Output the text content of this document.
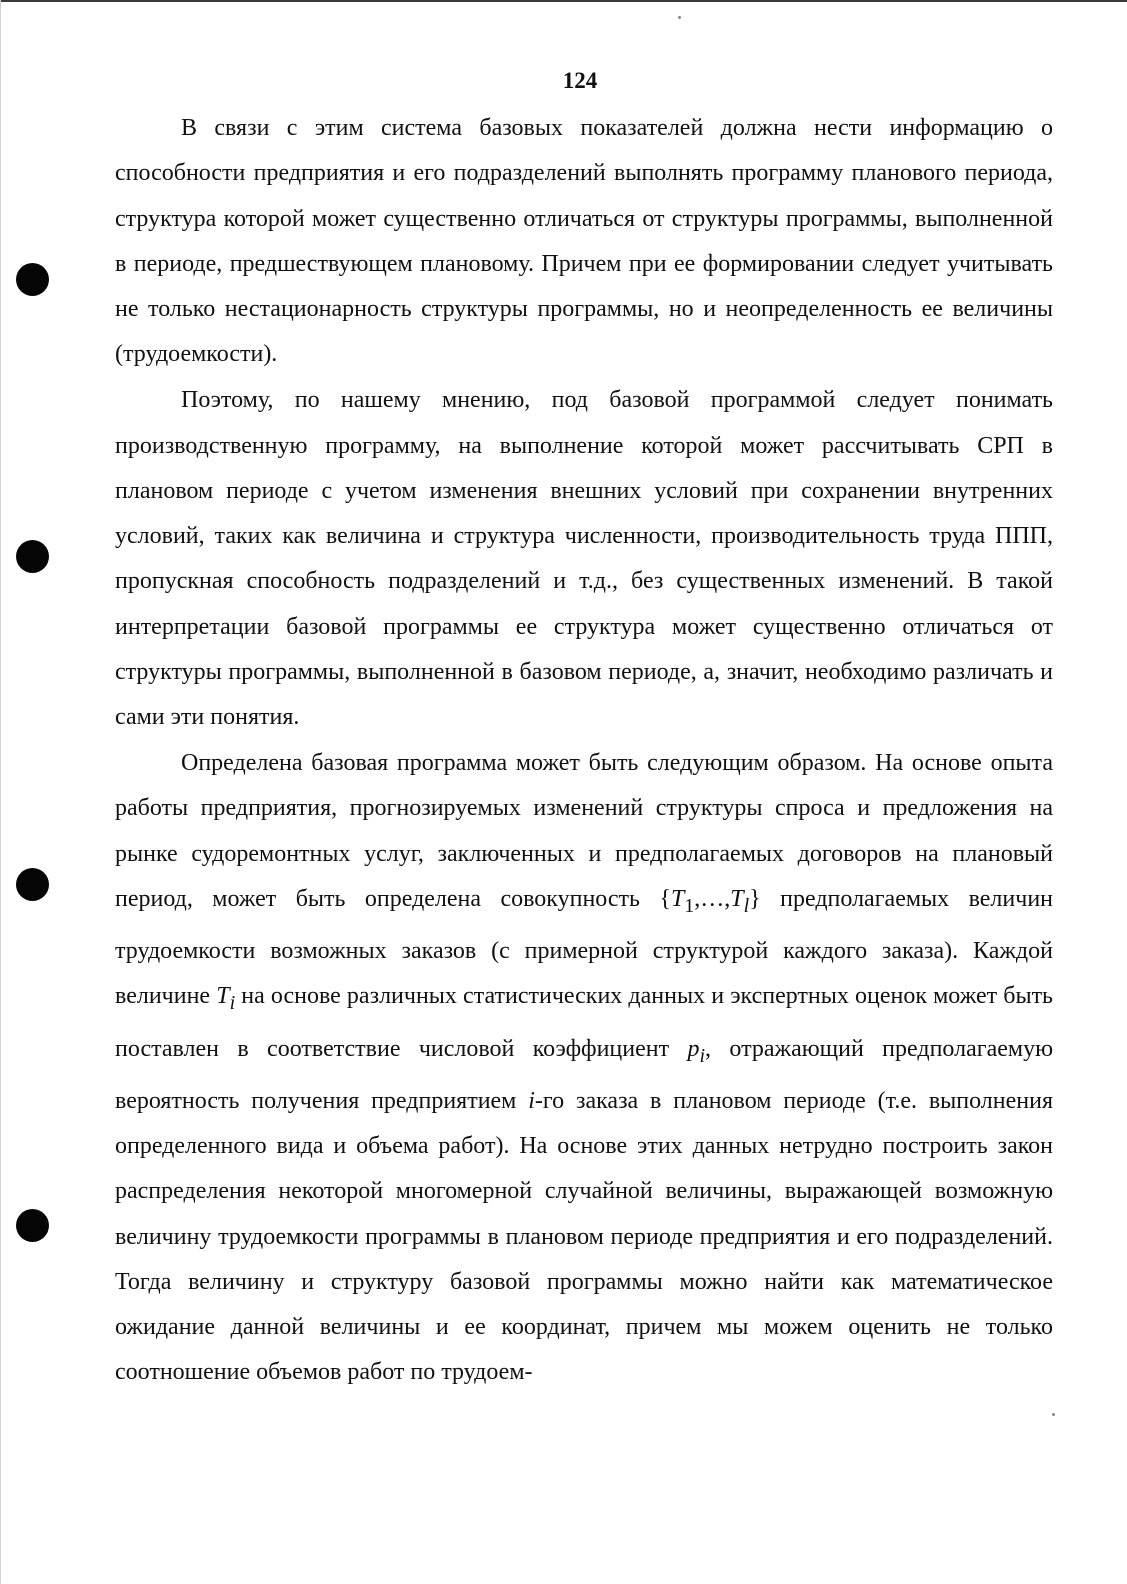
124

В связи с этим система базовых показателей должна нести информацию о способности предприятия и его подразделений выполнять программу планового периода, структура которой может существенно отличаться от структуры программы, выполненной в периоде, предшествующем плановому. Причем при ее формировании следует учитывать не только нестационарность структуры программы, но и неопределенность ее величины (трудоемкости).

Поэтому, по нашему мнению, под базовой программой следует понимать производственную программу, на выполнение которой может рассчитывать СРП в плановом периоде с учетом изменения внешних условий при сохранении внутренних условий, таких как величина и структура численности, производительность труда ППП, пропускная способность подразделений и т.д., без существенных изменений. В такой интерпретации базовой программы ее структура может существенно отличаться от структуры программы, выполненной в базовом периоде, а, значит, необходимо различать и сами эти понятия.

Определена базовая программа может быть следующим образом. На основе опыта работы предприятия, прогнозируемых изменений структуры спроса и предложения на рынке судоремонтных услуг, заключенных и предполагаемых договоров на плановый период, может быть определена совокупность $\{T_1,\dots,T_l\}$ предполагаемых величин трудоемкости возможных заказов (с примерной структурой каждого заказа). Каждой величине $T_i$ на основе различных статистических данных и экспертных оценок может быть поставлен в соответствие числовой коэффициент $p_i$, отражающий предполагаемую вероятность получения предприятием i-го заказа в плановом периоде (т.е. выполнения определенного вида и объема работ). На основе этих данных нетрудно построить закон распределения некоторой многомерной случайной величины, выражающей возможную величину трудоемкости программы в плановом периоде предприятия и его подразделений. Тогда величину и структуру базовой программы можно найти как математическое ожидание данной величины и ее координат, причем мы можем оценить не только соотношение объемов работ по трудоем-
